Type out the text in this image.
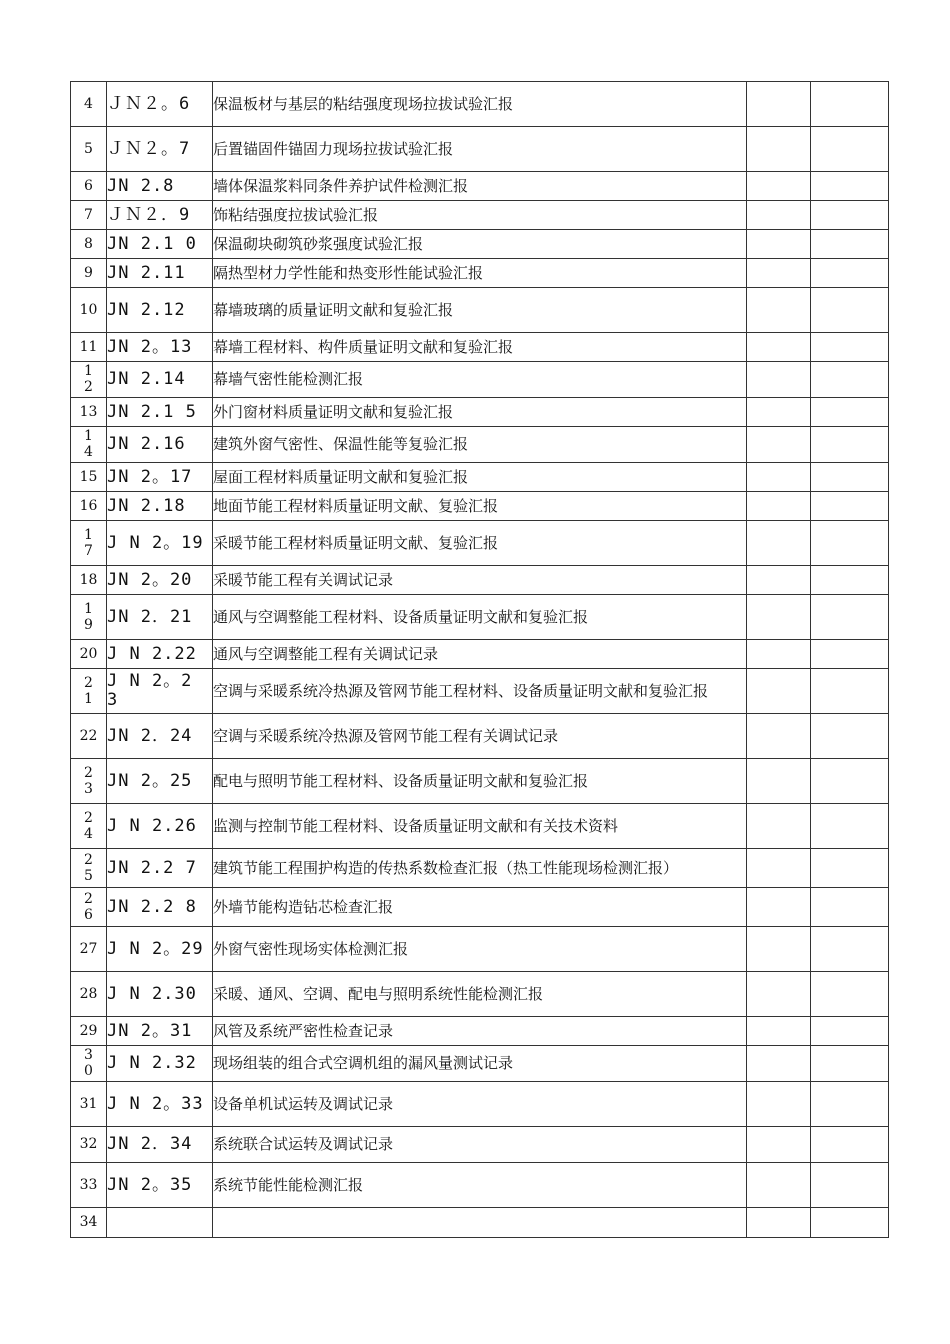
4	ＪＮ２。6	保温板材与基层的粘结强度现场拉拔试验汇报		
5	ＪＮ２。7	后置锚固件锚固力现场拉拔试验汇报		
6	JN 2.8	墙体保温浆料同条件养护试件检测汇报		
7	ＪＮ２．9	饰粘结强度拉拔试验汇报		
8	JN 2.1 0	保温砌块砌筑砂浆强度试验汇报		
9	JN 2.11	隔热型材力学性能和热变形性能试验汇报		
10	JN 2.12	幕墙玻璃的质量证明文献和复验汇报		
11	JN 2。13	幕墙工程材料、构件质量证明文献和复验汇报		
12	JN 2.14	幕墙气密性能检测汇报		
13	JN 2.1 5	外门窗材料质量证明文献和复验汇报		
14	JN 2.16	建筑外窗气密性、保温性能等复验汇报		
15	JN 2。17	屋面工程材料质量证明文献和复验汇报		
16	JN 2.18	地面节能工程材料质量证明文献、复验汇报		
17	J N 2。19	采暖节能工程材料质量证明文献、复验汇报		
18	JN 2。20	采暖节能工程有关调试记录		
19	JN 2．21	通风与空调整能工程材料、设备质量证明文献和复验汇报		
20	J N 2.22	通风与空调整能工程有关调试记录		
21	J N 2。2 3	空调与采暖系统冷热源及管网节能工程材料、设备质量证明文献和复验汇报		
22	JN 2．24	空调与采暖系统冷热源及管网节能工程有关调试记录		
23	JN 2。25	配电与照明节能工程材料、设备质量证明文献和复验汇报		
24	J N 2.26	监测与控制节能工程材料、设备质量证明文献和有关技术资料		
25	JN 2.2 7	建筑节能工程围护构造的传热系数检查汇报（热工性能现场检测汇报）		
26	JN 2.2 8	外墙节能构造钻芯检查汇报		
27	J N 2。29	外窗气密性现场实体检测汇报		
28	J N 2.30	采暖、通风、空调、配电与照明系统性能检测汇报		
29	JN 2。31	风管及系统严密性检查记录		
30	J N 2.32	现场组装的组合式空调机组的漏风量测试记录		
31	J N 2。33	设备单机试运转及调试记录		
32	JN 2．34	系统联合试运转及调试记录		
33	JN 2。35	系统节能性能检测汇报		
34				
